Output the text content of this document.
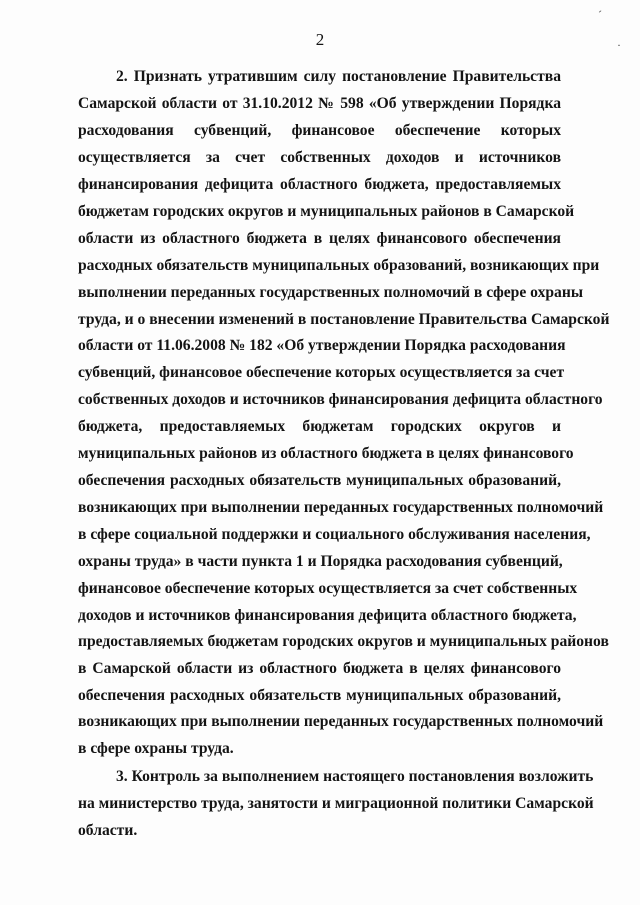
2
2. Признать утратившим силу постановление Правительства
Самарской области от 31.10.2012 № 598 «Об утверждении Порядка
расходования субвенций, финансовое обеспечение которых
осуществляется за счет собственных доходов и источников
финансирования дефицита областного бюджета, предоставляемых
бюджетам городских округов и муниципальных районов в Самарской
области из областного бюджета в целях финансового обеспечения
расходных обязательств муниципальных образований, возникающих при
выполнении переданных государственных полномочий в сфере охраны
труда, и о внесении изменений в постановление Правительства Самарской
области от 11.06.2008 № 182 «Об утверждении Порядка расходования
субвенций, финансовое обеспечение которых осуществляется за счет
собственных доходов и источников финансирования дефицита областного
бюджета, предоставляемых бюджетам городских округов и
муниципальных районов из областного бюджета в целях финансового
обеспечения расходных обязательств муниципальных образований,
возникающих при выполнении переданных государственных полномочий
в сфере социальной поддержки и социального обслуживания населения,
охраны труда» в части пункта 1 и Порядка расходования субвенций,
финансовое обеспечение которых осуществляется за счет собственных
доходов и источников финансирования дефицита областного бюджета,
предоставляемых бюджетам городских округов и муниципальных районов
в Самарской области из областного бюджета в целях финансового
обеспечения расходных обязательств муниципальных образований,
возникающих при выполнении переданных государственных полномочий
в сфере охраны труда.
3. Контроль за выполнением настоящего постановления возложить
на министерство труда, занятости и миграционной политики Самарской
области.
ˊ
·
